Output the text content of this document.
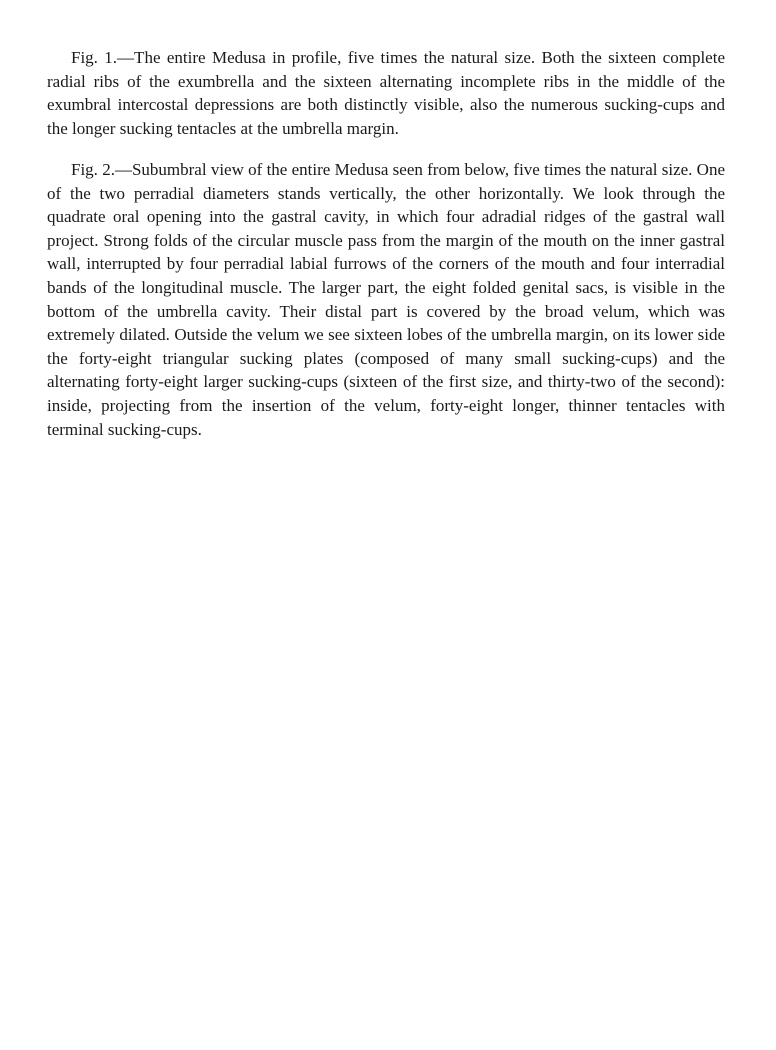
Fig. 1.—The entire Medusa in profile, five times the natural size. Both the sixteen complete radial ribs of the exumbrella and the sixteen alternating incomplete ribs in the middle of the exumbral intercostal depressions are both distinctly visible, also the numerous sucking-cups and the longer sucking tentacles at the umbrella margin.

Fig. 2.—Subumbral view of the entire Medusa seen from below, five times the natural size. One of the two perradial diameters stands vertically, the other horizontally. We look through the quadrate oral opening into the gastral cavity, in which four adradial ridges of the gastral wall project. Strong folds of the circular muscle pass from the margin of the mouth on the inner gastral wall, interrupted by four perradial labial furrows of the corners of the mouth and four interradial bands of the longitudinal muscle. The larger part, the eight folded genital sacs, is visible in the bottom of the umbrella cavity. Their distal part is covered by the broad velum, which was extremely dilated. Outside the velum we see sixteen lobes of the umbrella margin, on its lower side the forty-eight triangular sucking plates (composed of many small sucking-cups) and the alternating forty-eight larger sucking-cups (sixteen of the first size, and thirty-two of the second): inside, projecting from the insertion of the velum, forty-eight longer, thinner tentacles with terminal sucking-cups.
